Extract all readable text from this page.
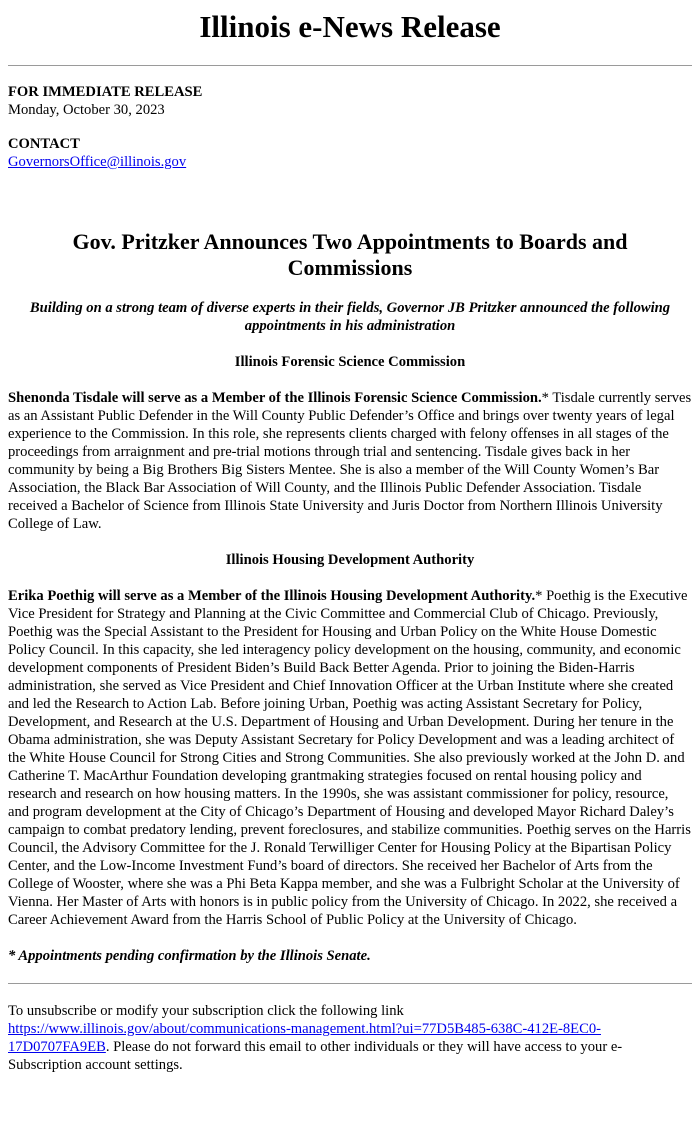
Illinois e-News Release

FOR IMMEDIATE RELEASE

Monday, October 30, 2023

CONTACT

GovernorsOffice@illinois.gov

Gov. Pritzker Announces Two Appointments to Boards and Commissions

Building on a strong team of diverse experts in their fields, Governor JB Pritzker announced the following appointments in his administration

Illinois Forensic Science Commission

Shenonda Tisdale will serve as a Member of the Illinois Forensic Science Commission.* Tisdale currently serves as an Assistant Public Defender in the Will County Public Defender’s Office and brings over twenty years of legal experience to the Commission. In this role, she represents clients charged with felony offenses in all stages of the proceedings from arraignment and pre-trial motions through trial and sentencing. Tisdale gives back in her community by being a Big Brothers Big Sisters Mentee. She is also a member of the Will County Women’s Bar Association, the Black Bar Association of Will County, and the Illinois Public Defender Association. Tisdale received a Bachelor of Science from Illinois State University and Juris Doctor from Northern Illinois University College of Law.

Illinois Housing Development Authority

Erika Poethig will serve as a Member of the Illinois Housing Development Authority.* Poethig is the Executive Vice President for Strategy and Planning at the Civic Committee and Commercial Club of Chicago. Previously, Poethig was the Special Assistant to the President for Housing and Urban Policy on the White House Domestic Policy Council. In this capacity, she led interagency policy development on the housing, community, and economic development components of President Biden’s Build Back Better Agenda. Prior to joining the Biden-Harris administration, she served as Vice President and Chief Innovation Officer at the Urban Institute where she created and led the Research to Action Lab. Before joining Urban, Poethig was acting Assistant Secretary for Policy, Development, and Research at the U.S. Department of Housing and Urban Development. During her tenure in the Obama administration, she was Deputy Assistant Secretary for Policy Development and was a leading architect of the White House Council for Strong Cities and Strong Communities. She also previously worked at the John D. and Catherine T. MacArthur Foundation developing grantmaking strategies focused on rental housing policy and research and research on how housing matters. In the 1990s, she was assistant commissioner for policy, resource, and program development at the City of Chicago’s Department of Housing and developed Mayor Richard Daley’s campaign to combat predatory lending, prevent foreclosures, and stabilize communities. Poethig serves on the Harris Council, the Advisory Committee for the J. Ronald Terwilliger Center for Housing Policy at the Bipartisan Policy Center, and the Low-Income Investment Fund’s board of directors. She received her Bachelor of Arts from the College of Wooster, where she was a Phi Beta Kappa member, and she was a Fulbright Scholar at the University of Vienna. Her Master of Arts with honors is in public policy from the University of Chicago. In 2022, she received a Career Achievement Award from the Harris School of Public Policy at the University of Chicago.

* Appointments pending confirmation by the Illinois Senate.

To unsubscribe or modify your subscription click the following link
https://www.illinois.gov/about/communications-management.html?ui=77D5B485-638C-412E-8EC0-17D0707FA9EB. Please do not forward this email to other individuals or they will have access to your e-Subscription account settings.
